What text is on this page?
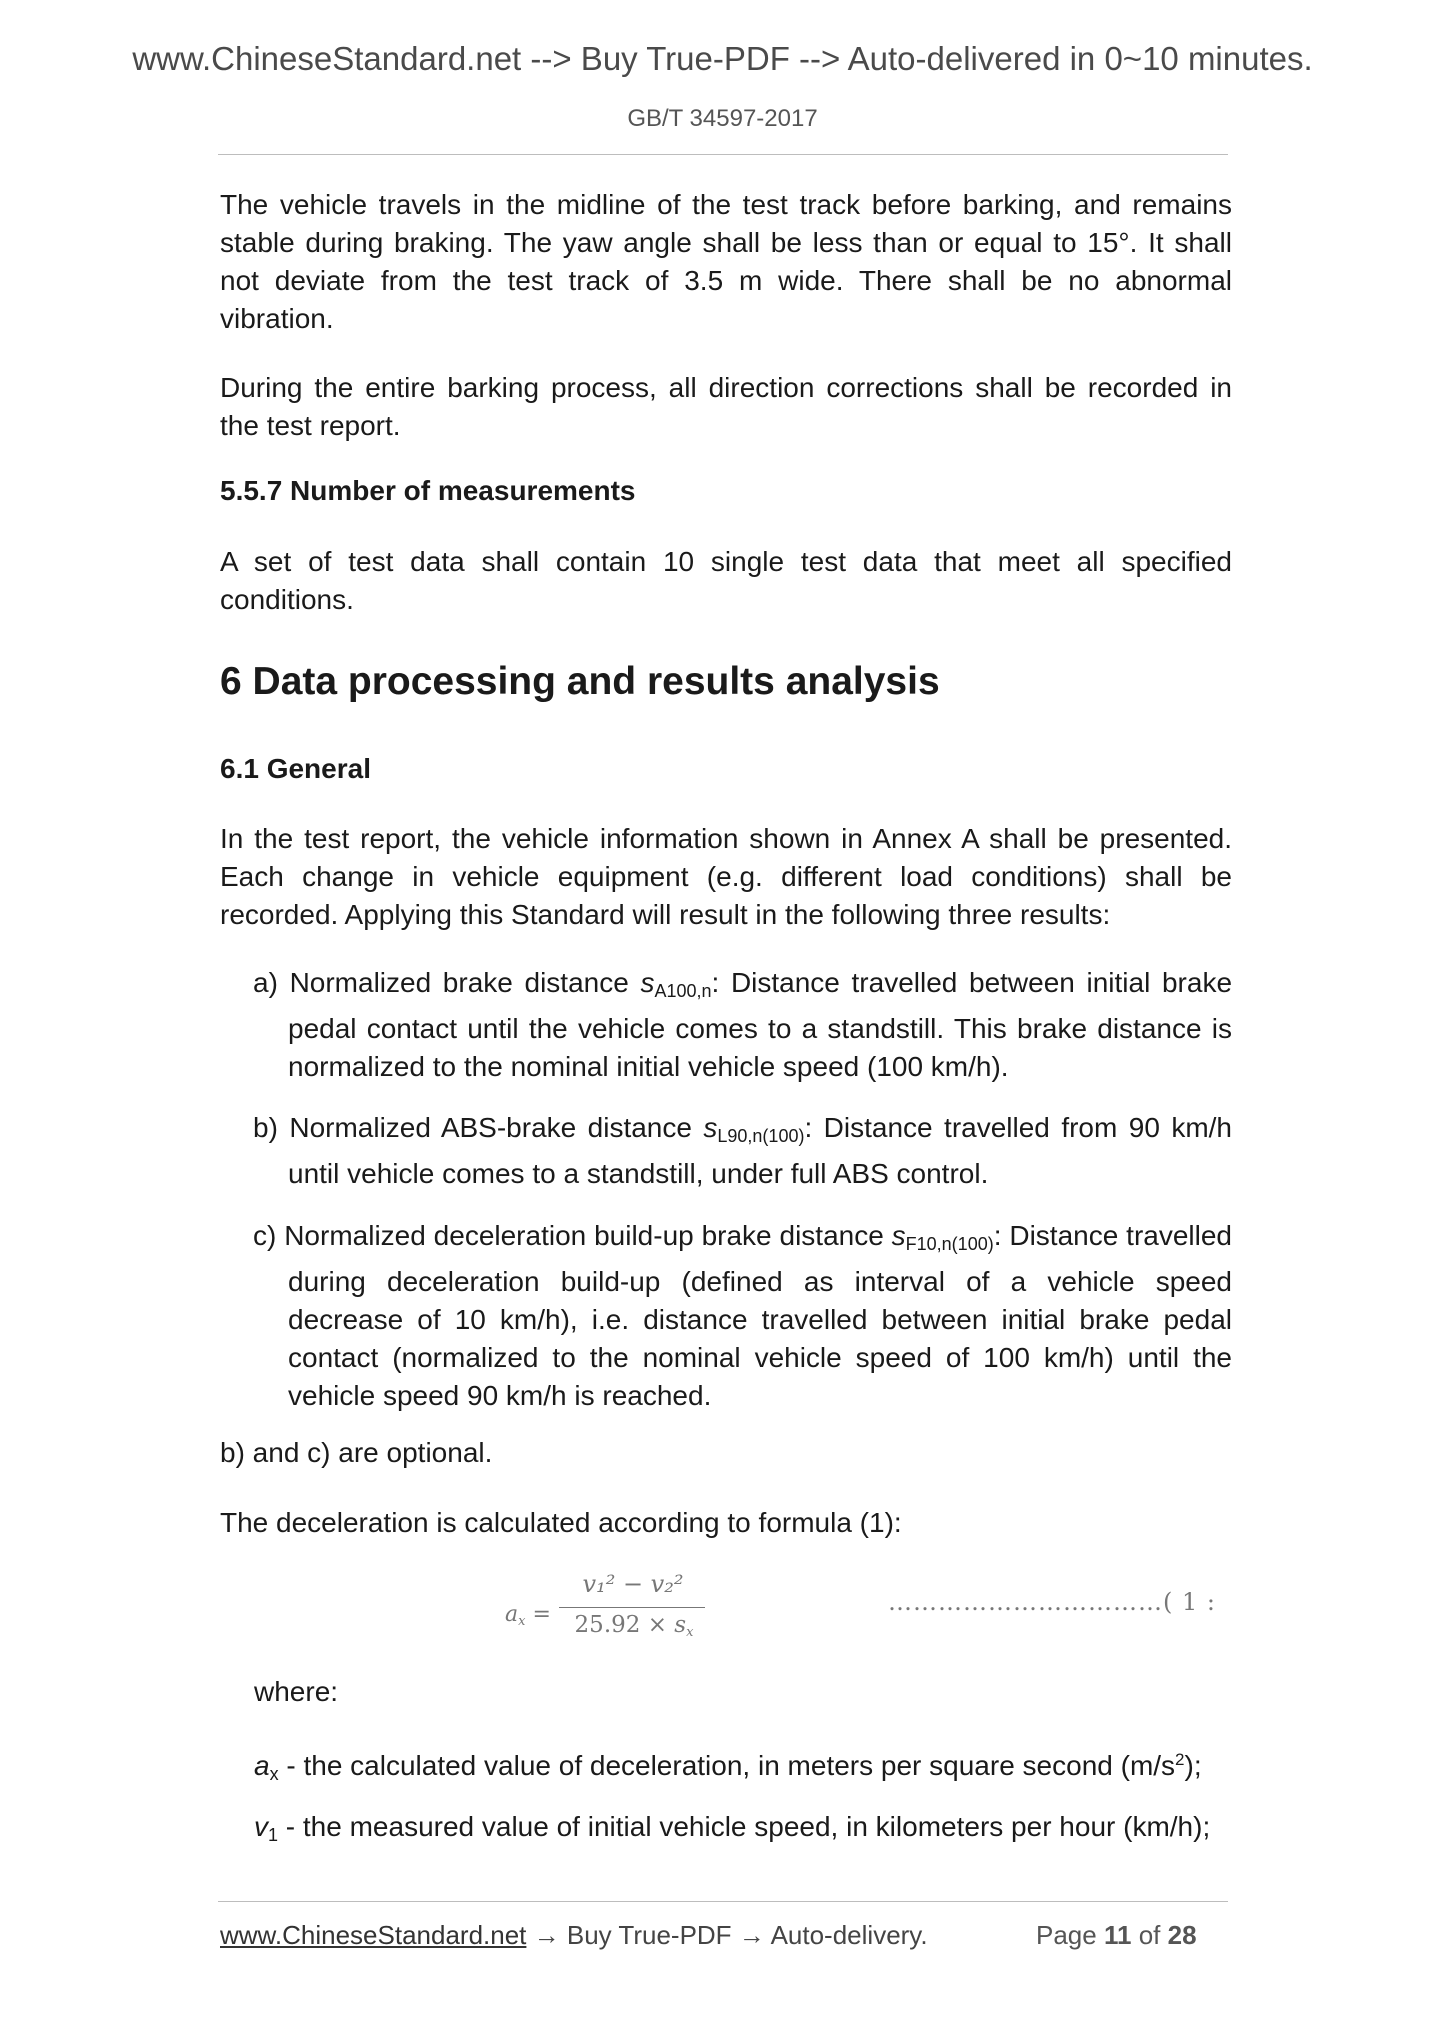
www.ChineseStandard.net --> Buy True-PDF --> Auto-delivered in 0~10 minutes.
GB/T 34597-2017
The vehicle travels in the midline of the test track before barking, and remains stable during braking. The yaw angle shall be less than or equal to 15°. It shall not deviate from the test track of 3.5 m wide. There shall be no abnormal vibration.
During the entire barking process, all direction corrections shall be recorded in the test report.
5.5.7 Number of measurements
A set of test data shall contain 10 single test data that meet all specified conditions.
6 Data processing and results analysis
6.1 General
In the test report, the vehicle information shown in Annex A shall be presented. Each change in vehicle equipment (e.g. different load conditions) shall be recorded. Applying this Standard will result in the following three results:
a) Normalized brake distance $s_{A100,n}$: Distance travelled between initial brake pedal contact until the vehicle comes to a standstill. This brake distance is normalized to the nominal initial vehicle speed (100 km/h).
b) Normalized ABS-brake distance $s_{L90,n(100)}$: Distance travelled from 90 km/h until vehicle comes to a standstill, under full ABS control.
c) Normalized deceleration build-up brake distance $s_{F10,n(100)}$: Distance travelled during deceleration build-up (defined as interval of a vehicle speed decrease of 10 km/h), i.e. distance travelled between initial brake pedal contact (normalized to the nominal vehicle speed of 100 km/h) until the vehicle speed 90 km/h is reached.
b) and c) are optional.
The deceleration is calculated according to formula (1):
ax =
v₁² − v₂²
25.92 × sx
……………………………( 1 :
where:
$a_x$ - the calculated value of deceleration, in meters per square second $(m/s^2)$;
$v_1$ - the measured value of initial vehicle speed, in kilometers per hour (km/h);
www.ChineseStandard.net → Buy True-PDF → Auto-delivery.	Page 11 of 28
